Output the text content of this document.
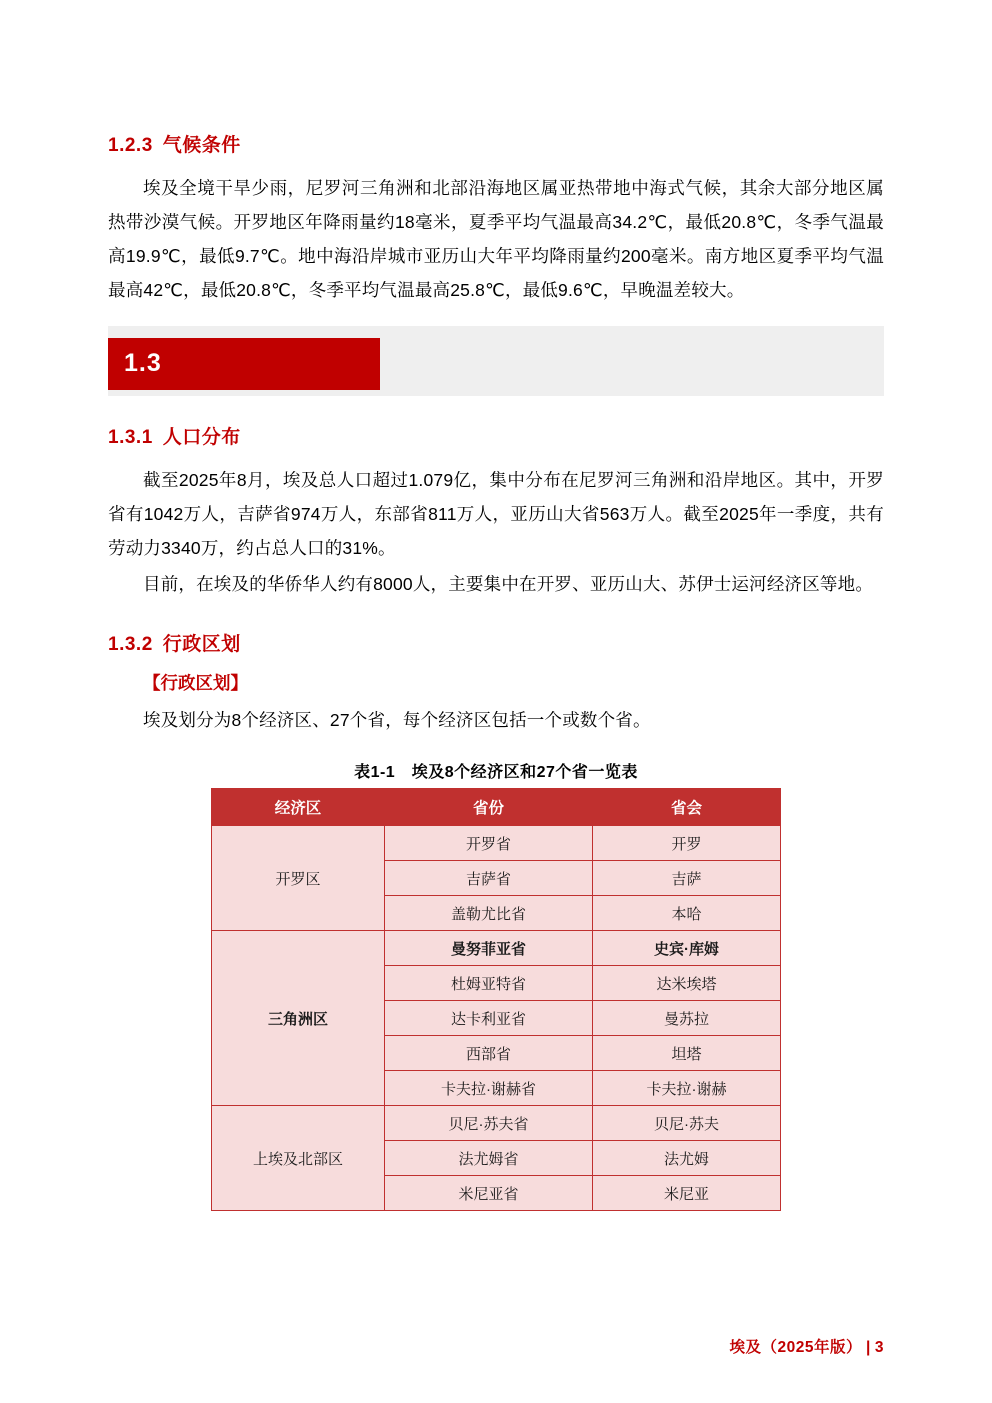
1.2.3 气候条件

埃及全境干旱少雨，尼罗河三角洲和北部沿海地区属亚热带地中海式气候，其余大部分地区属热带沙漠气候。开罗地区年降雨量约18毫米，夏季平均气温最高34.2℃，最低20.8℃，冬季气温最高19.9℃，最低9.7℃。地中海沿岸城市亚历山大年平均降雨量约200毫米。南方地区夏季平均气温最高42℃，最低20.8℃，冬季平均气温最高25.8℃，最低9.6℃，早晚温差较大。

1.3
1.3.1 人口分布

截至2025年8月，埃及总人口超过1.079亿，集中分布在尼罗河三角洲和沿岸地区。其中，开罗省有1042万人，吉萨省974万人，东部省811万人，亚历山大省563万人。截至2025年一季度，共有劳动力3340万，约占总人口的31%。

目前，在埃及的华侨华人约有8000人，主要集中在开罗、亚历山大、苏伊士运河经济区等地。

1.3.2 行政区划

【行政区划】

埃及划分为8个经济区、27个省，每个经济区包括一个或数个省。

表1-1　埃及8个经济区和27个省一览表
经济区	省份	省会
开罗区	开罗省	开罗
	吉萨省	吉萨
	盖勒尤比省	本哈
三角洲区	曼努菲亚省	史宾·库姆
	杜姆亚特省	达米埃塔
	达卡利亚省	曼苏拉
	西部省	坦塔
	卡夫拉·谢赫省	卡夫拉·谢赫
上埃及北部区	贝尼·苏夫省	贝尼·苏夫
	法尤姆省	法尤姆
	米尼亚省	米尼亚
埃及（2025年版） | 3
